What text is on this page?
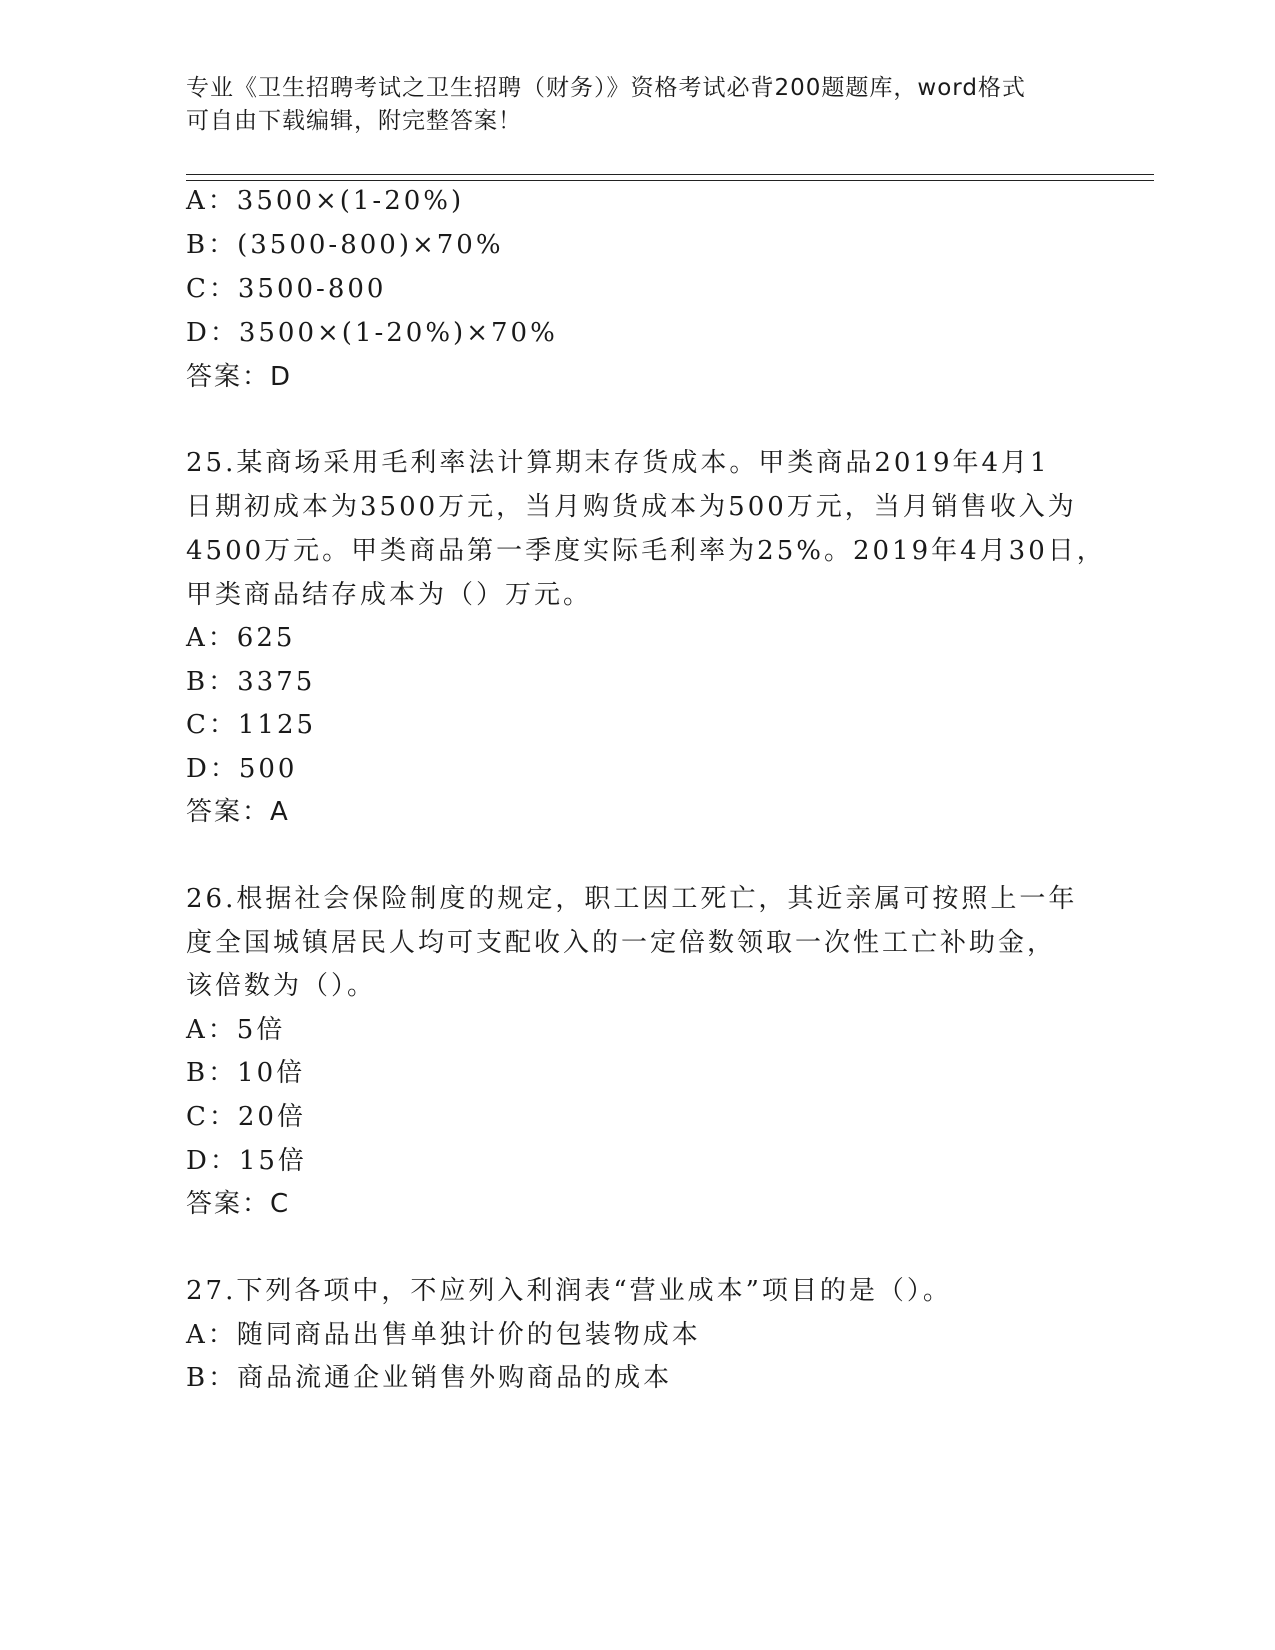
专业《卫生招聘考试之卫生招聘（财务）》资格考试必背200题题库，word格式
可自由下载编辑，附完整答案！
A：3500×(1-20%)
B：(3500-800)×70%
C：3500-800
D：3500×(1-20%)×70%
答案：D
25.某商场采用毛利率法计算期末存货成本。甲类商品2019年4月1
日期初成本为3500万元，当月购货成本为500万元，当月销售收入为
4500万元。甲类商品第一季度实际毛利率为25%。2019年4月30日，
甲类商品结存成本为（）万元。
A：625
B：3375
C：1125
D：500
答案：A
26.根据社会保险制度的规定，职工因工死亡，其近亲属可按照上一年
度全国城镇居民人均可支配收入的一定倍数领取一次性工亡补助金，
该倍数为（）。
A：5倍
B：10倍
C：20倍
D：15倍
答案：C
27.下列各项中，不应列入利润表“营业成本”项目的是（）。
A：随同商品出售单独计价的包装物成本
B：商品流通企业销售外购商品的成本
